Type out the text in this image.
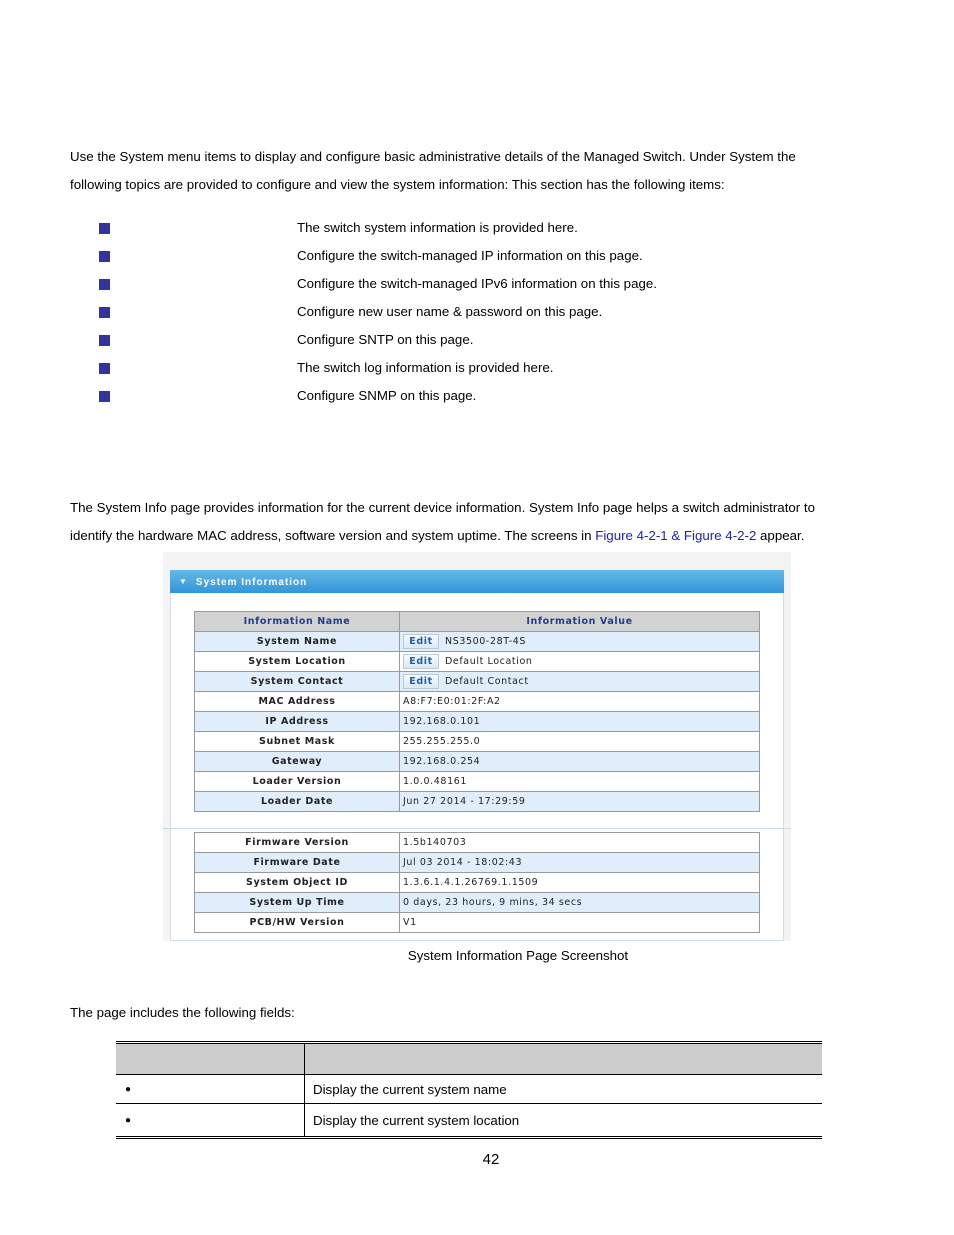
Use the System menu items to display and configure basic administrative details of the Managed Switch. Under System the
following topics are provided to configure and view the system information: This section has the following items:

The switch system information is provided here.
Configure the switch-managed IP information on this page.
Configure the switch-managed IPv6 information on this page.
Configure new user name & password on this page.
Configure SNTP on this page.
The switch log information is provided here.
Configure SNMP on this page.

The System Info page provides information for the current device information. System Info page helps a switch administrator to
identify the hardware MAC address, software version and system uptime. The screens in Figure 4-2-1 & Figure 4-2-2 appear.

▼ System Information
Information Name	Information Value
System Name	Edit NS3500-28T-4S
System Location	Edit Default Location
System Contact	Edit Default Contact
MAC Address	A8:F7:E0:01:2F:A2
IP Address	192.168.0.101
Subnet Mask	255.255.255.0
Gateway	192.168.0.254
Loader Version	1.0.0.48161
Loader Date	Jun 27 2014 - 17:29:59
Firmware Version	1.5b140703
Firmware Date	Jul 03 2014 - 18:02:43
System Object ID	1.3.6.1.4.1.26769.1.1509
System Up Time	0 days, 23 hours, 9 mins, 34 secs
PCB/HW Version	V1
System Information Page Screenshot

The page includes the following fields:

●	Display the current system name
●	Display the current system location
42
